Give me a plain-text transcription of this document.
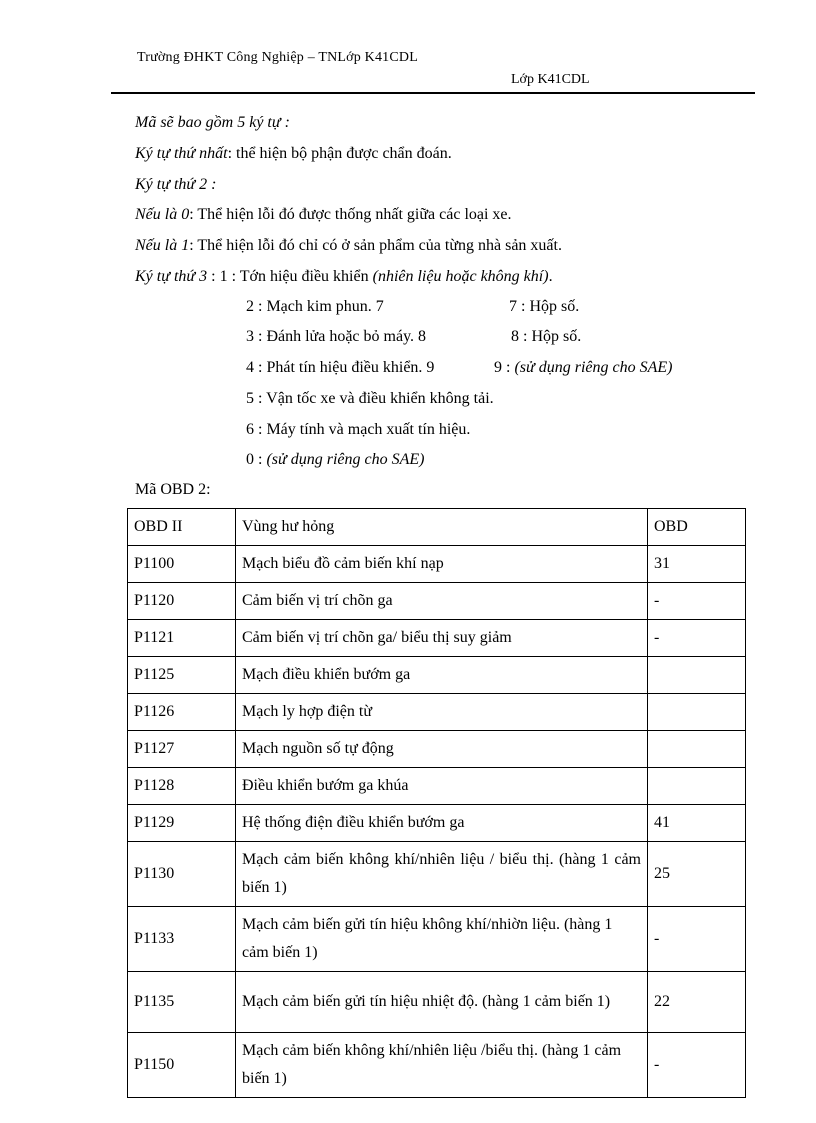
Trường ĐHKT Công Nghiệp – TNLớp K41CDL
Lớp K41CDL
Mã sẽ bao gồm 5 ký tự :
Ký tự thứ nhất: thể hiện bộ phận được chẩn đoán.
Ký tự thứ 2 :
Nếu là 0: Thể hiện lỗi đó được thống nhất giữa các loại xe.
Nếu là 1: Thể hiện lỗi đó chỉ có ở sản phẩm của từng nhà sản xuất.
Ký tự thứ 3 : 1 : Tớn hiệu điều khiển (nhiên liệu hoặc không khí).
2 : Mạch kim phun. 7	7 : Hộp số.
3 : Đánh lửa hoặc bỏ máy. 8	8 : Hộp số.
4 : Phát tín hiệu điều khiển. 9	9 : (sử dụng riêng cho SAE)
5 : Vận tốc xe và điều khiển không tải.
6 : Máy tính và mạch xuất tín hiệu.
0 : (sử dụng riêng cho SAE)
Mã OBD 2:
OBD II	Vùng hư hỏng	OBD
P1100	Mạch biểu đồ cảm biến khí nạp	31
P1120	Cảm biến vị trí chõn ga	-
P1121	Cảm biến vị trí chõn ga/ biểu thị suy giảm	-
P1125	Mạch điều khiển bướm ga	
P1126	Mạch ly hợp điện từ	
P1127	Mạch nguồn số tự động	
P1128	Điều khiển bướm ga khúa	
P1129	Hệ thống điện điều khiển bướm ga	41
P1130	Mạch cảm biến không khí/nhiên liệu / biểu thị. (hàng 1 cảm biến 1)	25
P1133	Mạch cảm biến gửi tín hiệu không khí/nhiờn liệu. (hàng 1 cảm biến 1)	-
P1135	Mạch cảm biến gửi tín hiệu nhiệt độ. (hàng 1 cảm biến 1)	22
P1150	Mạch cảm biến không khí/nhiên liệu /biểu thị. (hàng 1 cảm biến 1)	-
